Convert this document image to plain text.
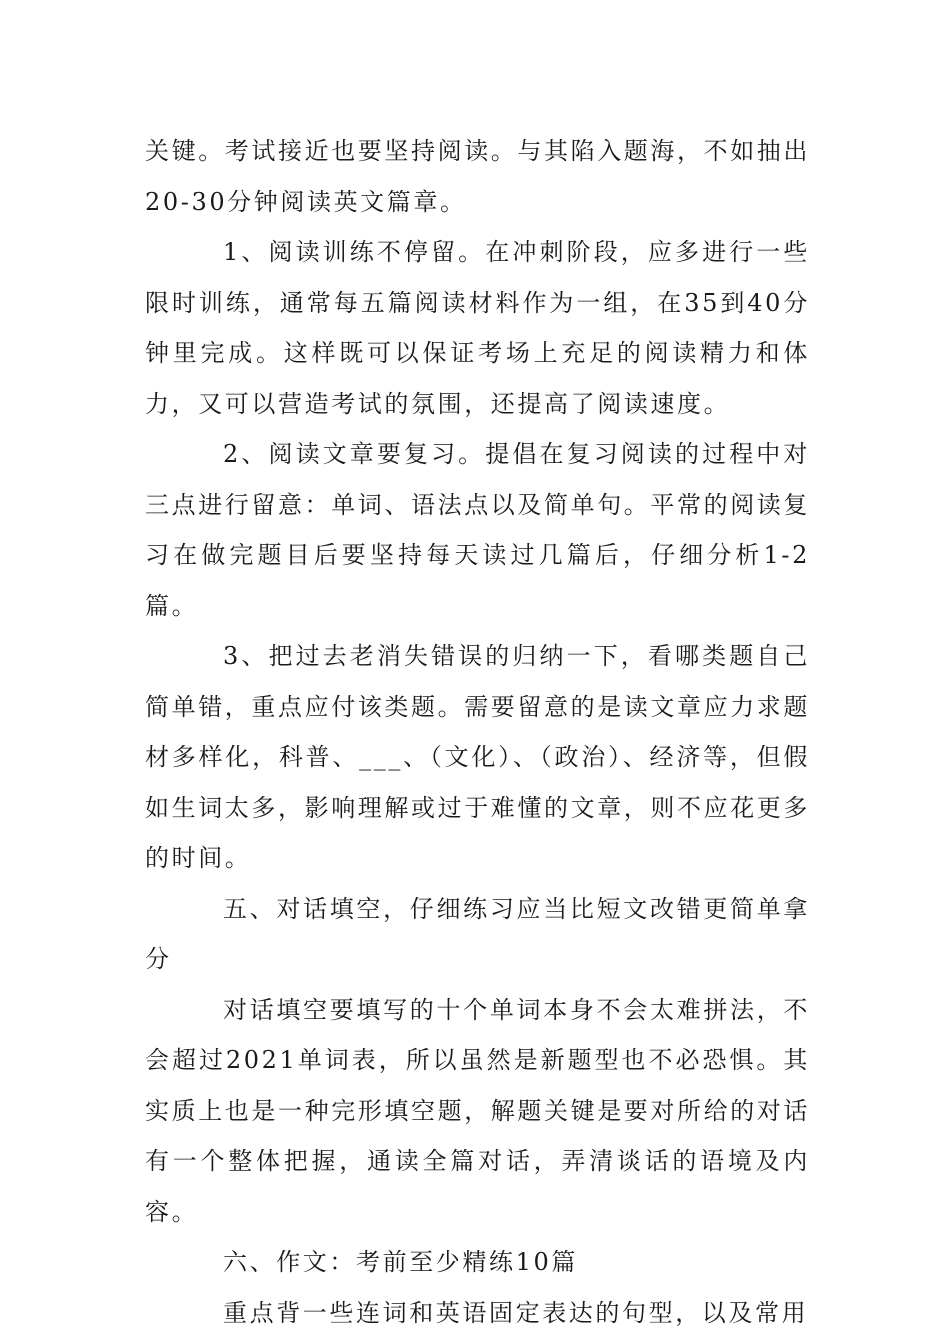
关键。考试接近也要坚持阅读。与其陷入题海，不如抽出20-30分钟阅读英文篇章。

1、阅读训练不停留。在冲刺阶段，应多进行一些限时训练，通常每五篇阅读材料作为一组，在35到40分钟里完成。这样既可以保证考场上充足的阅读精力和体力，又可以营造考试的氛围，还提高了阅读速度。

2、阅读文章要复习。提倡在复习阅读的过程中对三点进行留意：单词、语法点以及简单句。平常的阅读复习在做完题目后要坚持每天读过几篇后，仔细分析1-2篇。

3、把过去老消失错误的归纳一下，看哪类题自己简单错，重点应付该类题。需要留意的是读文章应力求题材多样化，科普、___、（文化）、（政治）、经济等，但假如生词太多，影响理解或过于难懂的文章，则不应花更多的时间。

五、对话填空，仔细练习应当比短文改错更简单拿分

对话填空要填写的十个单词本身不会太难拼法，不会超过2021单词表，所以虽然是新题型也不必恐惧。其实质上也是一种完形填空题，解题关键是要对所给的对话有一个整体把握，通读全篇对话，弄清谈话的语境及内容。

六、作文：考前至少精练10篇

重点背一些连词和英语固定表达的句型，以及常用
